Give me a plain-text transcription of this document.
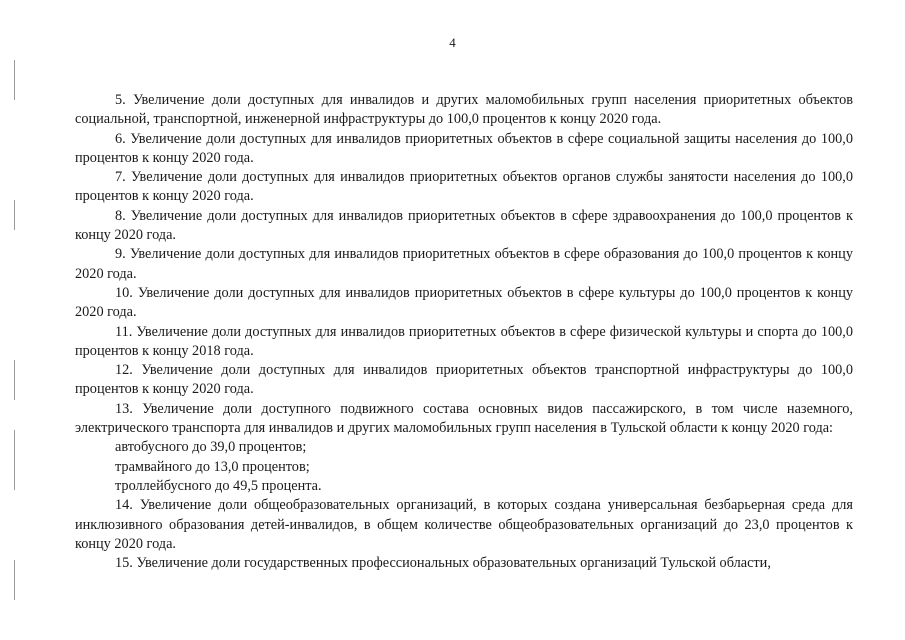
4

5. Увеличение доли доступных для инвалидов и других маломобильных групп населения приоритетных объектов социальной, транспортной, инженерной инфраструктуры до 100,0 процентов к концу 2020 года.

6. Увеличение доли доступных для инвалидов приоритетных объектов в сфере социальной защиты населения до 100,0 процентов к концу 2020 года.

7. Увеличение доли доступных для инвалидов приоритетных объектов органов службы занятости населения до 100,0 процентов к концу 2020 года.

8. Увеличение доли доступных для инвалидов приоритетных объектов в сфере здравоохранения до 100,0 процентов к концу 2020 года.

9. Увеличение доли доступных для инвалидов приоритетных объектов в сфере образования до 100,0 процентов к концу 2020 года.

10. Увеличение доли доступных для инвалидов приоритетных объектов в сфере культуры до 100,0 процентов к концу 2020 года.

11. Увеличение доли доступных для инвалидов приоритетных объектов в сфере физической культуры и спорта до 100,0 процентов к концу 2018 года.

12. Увеличение доли доступных для инвалидов приоритетных объектов транспортной инфраструктуры до 100,0 процентов к концу 2020 года.

13. Увеличение доли доступного подвижного состава основных видов пассажирского, в том числе наземного, электрического транспорта для инвалидов и других маломобильных групп населения в Тульской области к концу 2020 года:

автобусного до 39,0 процентов;

трамвайного до 13,0 процентов;

троллейбусного до 49,5 процента.

14. Увеличение доли общеобразовательных организаций, в которых создана универсальная безбарьерная среда для инклюзивного образования детей-инвалидов, в общем количестве общеобразовательных организаций до 23,0 процентов к концу 2020 года.

15. Увеличение доли государственных профессиональных образовательных организаций Тульской области,
